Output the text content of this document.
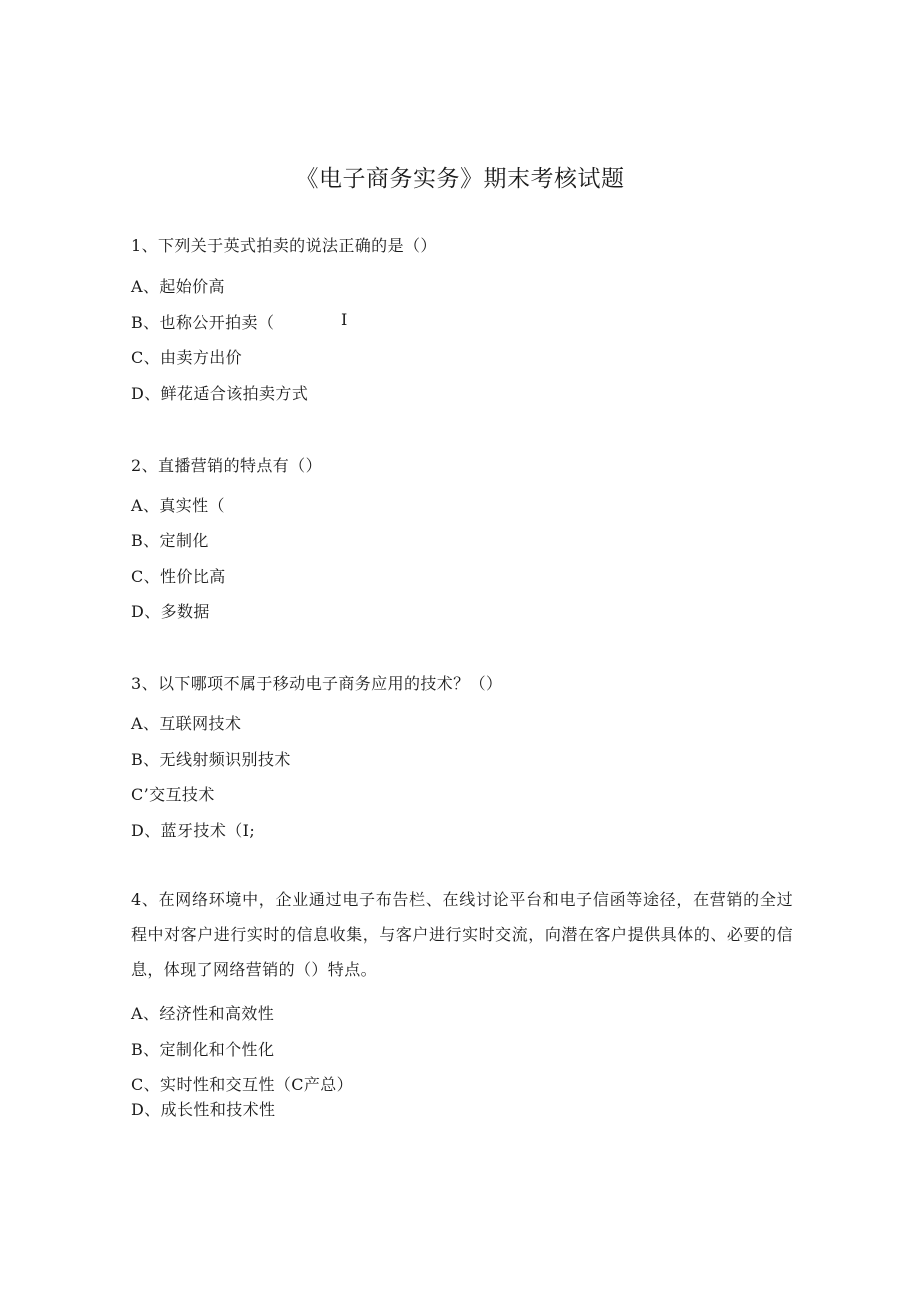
《电子商务实务》期末考核试题
1、下列关于英式拍卖的说法正确的是（）
A、起始价高
B、也称公开拍卖（	I
C、由卖方出价
D、鲜花适合该拍卖方式
2、直播营销的特点有（）
A、真实性（
B、定制化
C、性价比高
D、多数据
3、以下哪项不属于移动电子商务应用的技术？（）
A、互联网技术
B、无线射频识别技术
C’交互技术
D、蓝牙技术（I;
4、在网络环境中，企业通过电子布告栏、在线讨论平台和电子信函等途径，在营销的全过程中对客户进行实时的信息收集，与客户进行实时交流，向潜在客户提供具体的、必要的信息，体现了网络营销的（）特点。
A、经济性和高效性
B、定制化和个性化
C、实时性和交互性（C产总）
D、成长性和技术性
